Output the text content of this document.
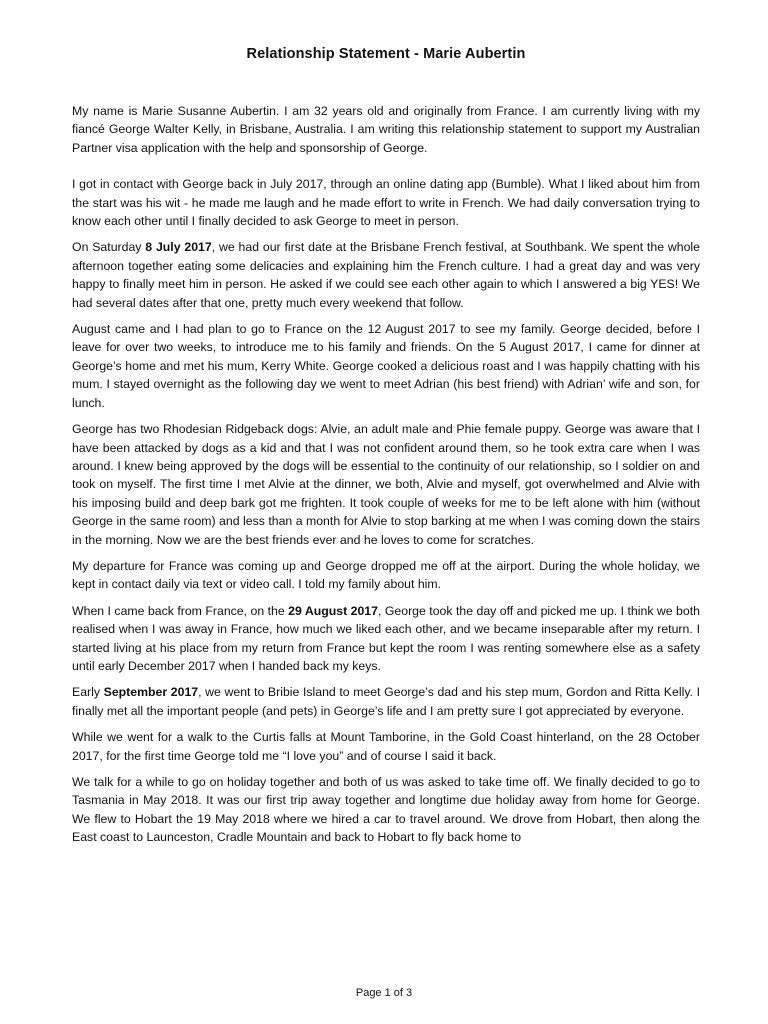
Relationship Statement - Marie Aubertin

My name is Marie Susanne Aubertin. I am 32 years old and originally from France. I am currently living with my fiancé George Walter Kelly, in Brisbane, Australia. I am writing this relationship statement to support my Australian Partner visa application with the help and sponsorship of George.

I got in contact with George back in July 2017, through an online dating app (Bumble). What I liked about him from the start was his wit - he made me laugh and he made effort to write in French. We had daily conversation trying to know each other until I finally decided to ask George to meet in person.

On Saturday 8 July 2017, we had our first date at the Brisbane French festival, at Southbank. We spent the whole afternoon together eating some delicacies and explaining him the French culture. I had a great day and was very happy to finally meet him in person. He asked if we could see each other again to which I answered a big YES! We had several dates after that one, pretty much every weekend that follow.

August came and I had plan to go to France on the 12 August 2017 to see my family. George decided, before I leave for over two weeks, to introduce me to his family and friends. On the 5 August 2017, I came for dinner at George’s home and met his mum, Kerry White. George cooked a delicious roast and I was happily chatting with his mum. I stayed overnight as the following day we went to meet Adrian (his best friend) with Adrian’ wife and son, for lunch.

George has two Rhodesian Ridgeback dogs: Alvie, an adult male and Phie female puppy. George was aware that I have been attacked by dogs as a kid and that I was not confident around them, so he took extra care when I was around. I knew being approved by the dogs will be essential to the continuity of our relationship, so I soldier on and took on myself. The first time I met Alvie at the dinner, we both, Alvie and myself, got overwhelmed and Alvie with his imposing build and deep bark got me frighten. It took couple of weeks for me to be left alone with him (without George in the same room) and less than a month for Alvie to stop barking at me when I was coming down the stairs in the morning. Now we are the best friends ever and he loves to come for scratches.

My departure for France was coming up and George dropped me off at the airport. During the whole holiday, we kept in contact daily via text or video call. I told my family about him.

When I came back from France, on the 29 August 2017, George took the day off and picked me up. I think we both realised when I was away in France, how much we liked each other, and we became inseparable after my return. I started living at his place from my return from France but kept the room I was renting somewhere else as a safety until early December 2017 when I handed back my keys.

Early September 2017, we went to Bribie Island to meet George’s dad and his step mum, Gordon and Ritta Kelly. I finally met all the important people (and pets) in George’s life and I am pretty sure I got appreciated by everyone.

While we went for a walk to the Curtis falls at Mount Tamborine, in the Gold Coast hinterland, on the 28 October 2017, for the first time George told me “I love you” and of course I said it back.

We talk for a while to go on holiday together and both of us was asked to take time off. We finally decided to go to Tasmania in May 2018. It was our first trip away together and longtime due holiday away from home for George. We flew to Hobart the 19 May 2018 where we hired a car to travel around. We drove from Hobart, then along the East coast to Launceston, Cradle Mountain and back to Hobart to fly back home to

Page 1 of 3
